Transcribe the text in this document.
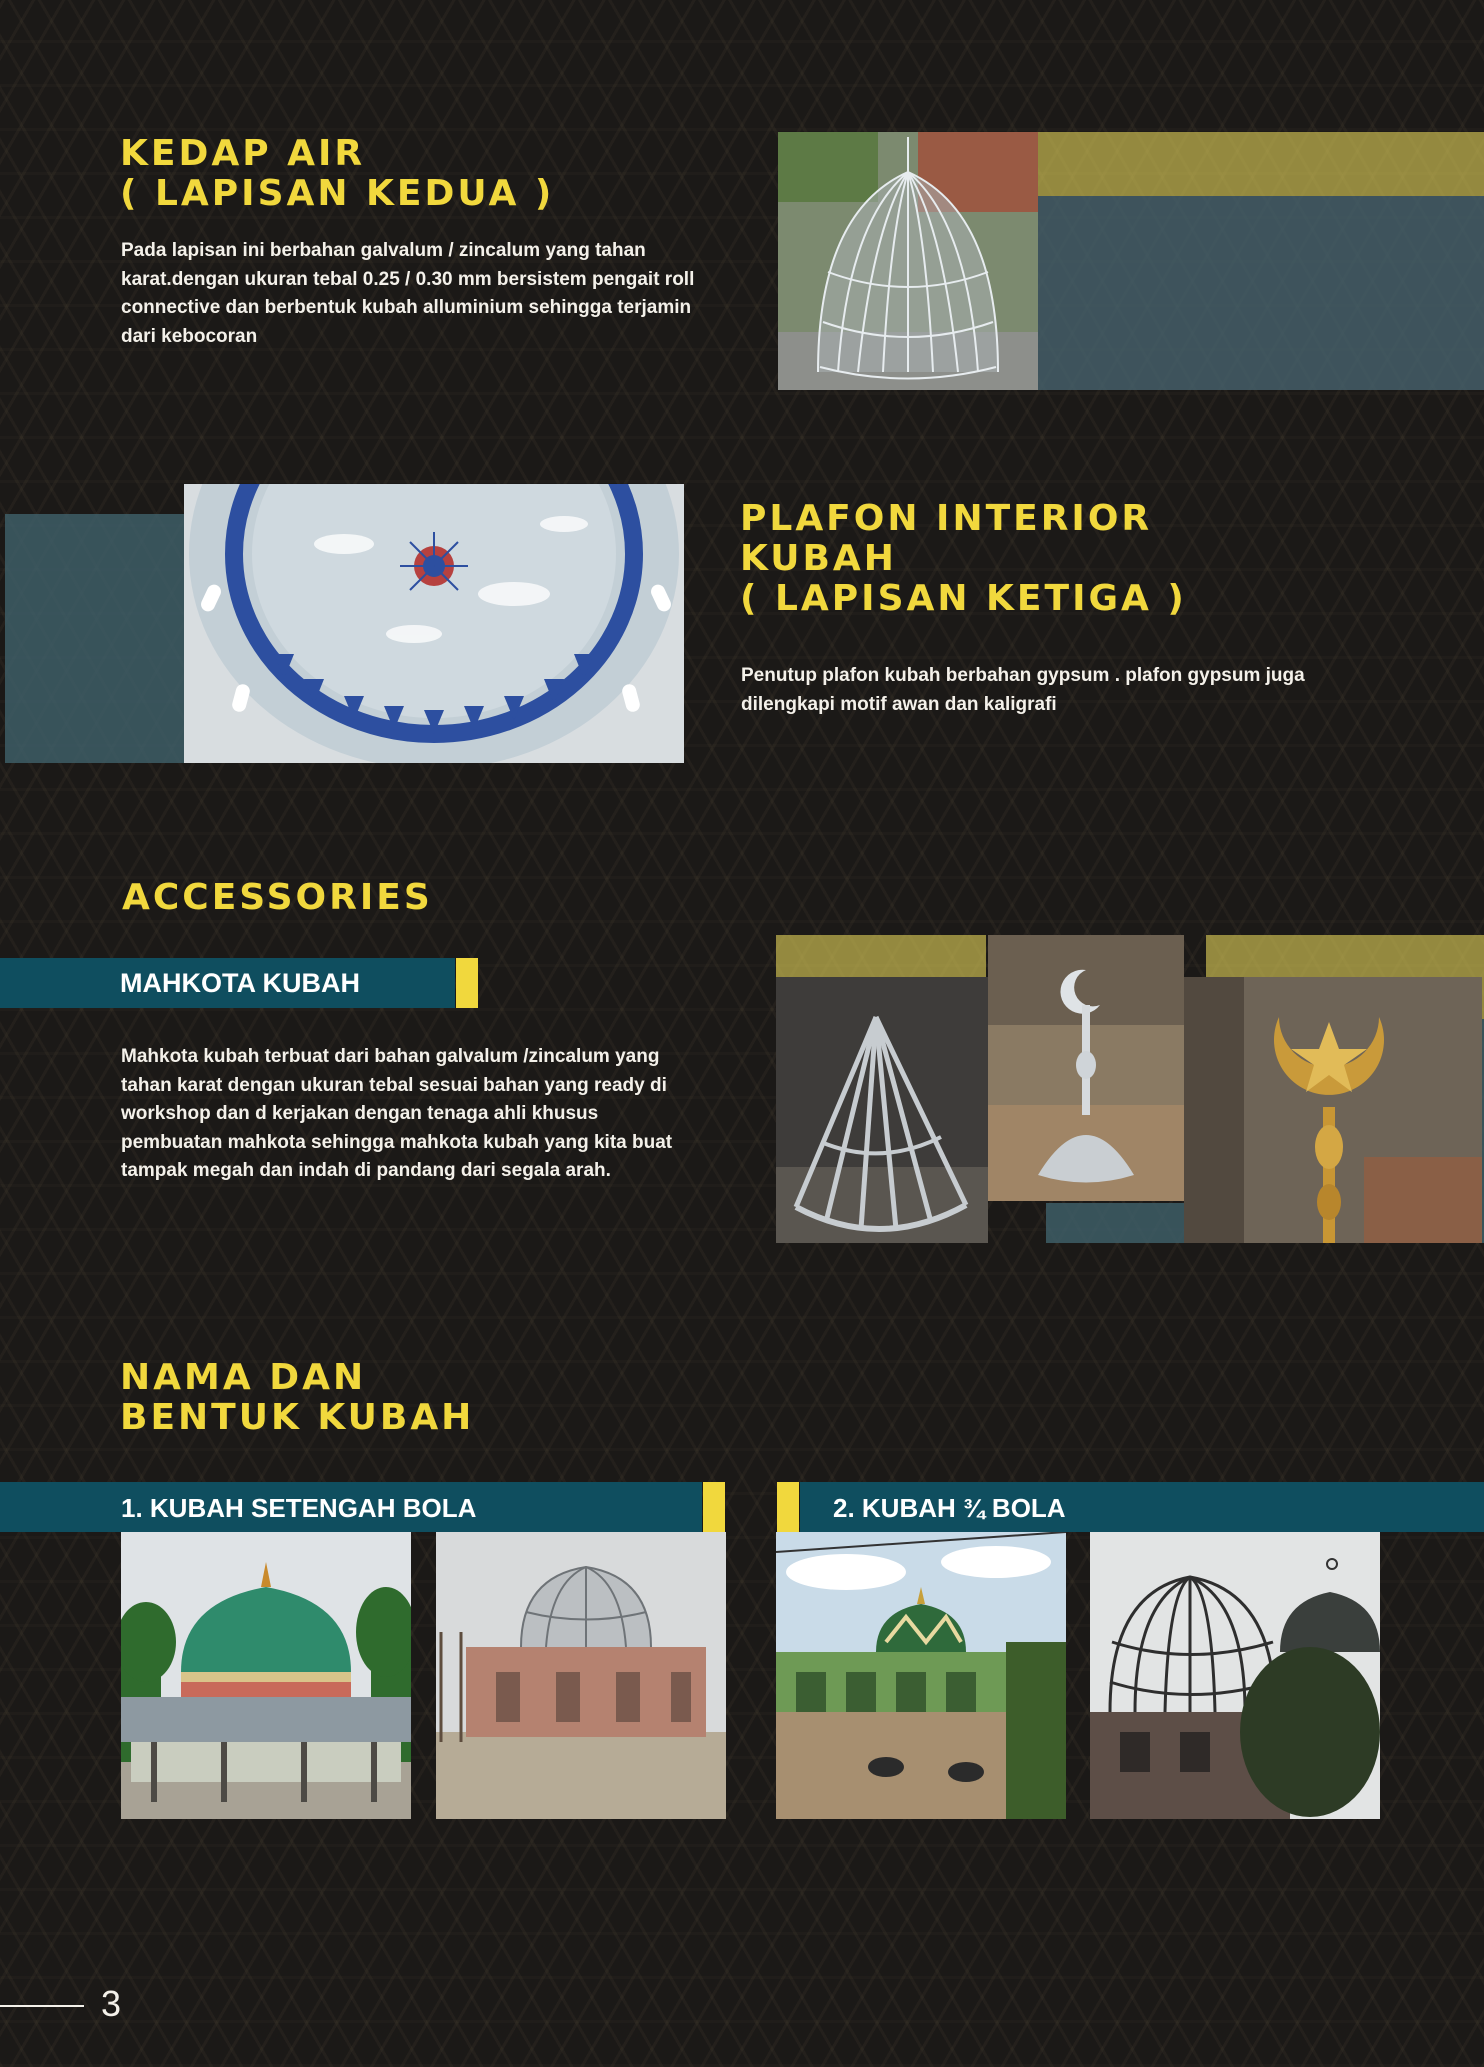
KEDAP AIR
( LAPISAN KEDUA )

Pada lapisan ini berbahan galvalum / zincalum yang tahan karat.dengan ukuran tebal 0.25 / 0.30 mm bersistem pengait roll connective dan berbentuk kubah alluminium sehingga terjamin dari kebocoran

PLAFON INTERIOR
KUBAH
( LAPISAN KETIGA )

Penutup plafon kubah berbahan gypsum . plafon gypsum juga dilengkapi motif awan dan kaligrafi

ACCESSORIES
MAHKOTA KUBAH

Mahkota kubah terbuat dari bahan galvalum /zincalum yang tahan karat dengan ukuran tebal sesuai bahan yang ready di workshop dan d kerjakan dengan tenaga ahli khusus pembuatan mahkota sehingga mahkota kubah yang kita buat tampak megah dan indah di pandang dari segala arah.

NAMA DAN
BENTUK KUBAH
1. KUBAH SETENGAH BOLA	2. KUBAH ¾ BOLA
3
